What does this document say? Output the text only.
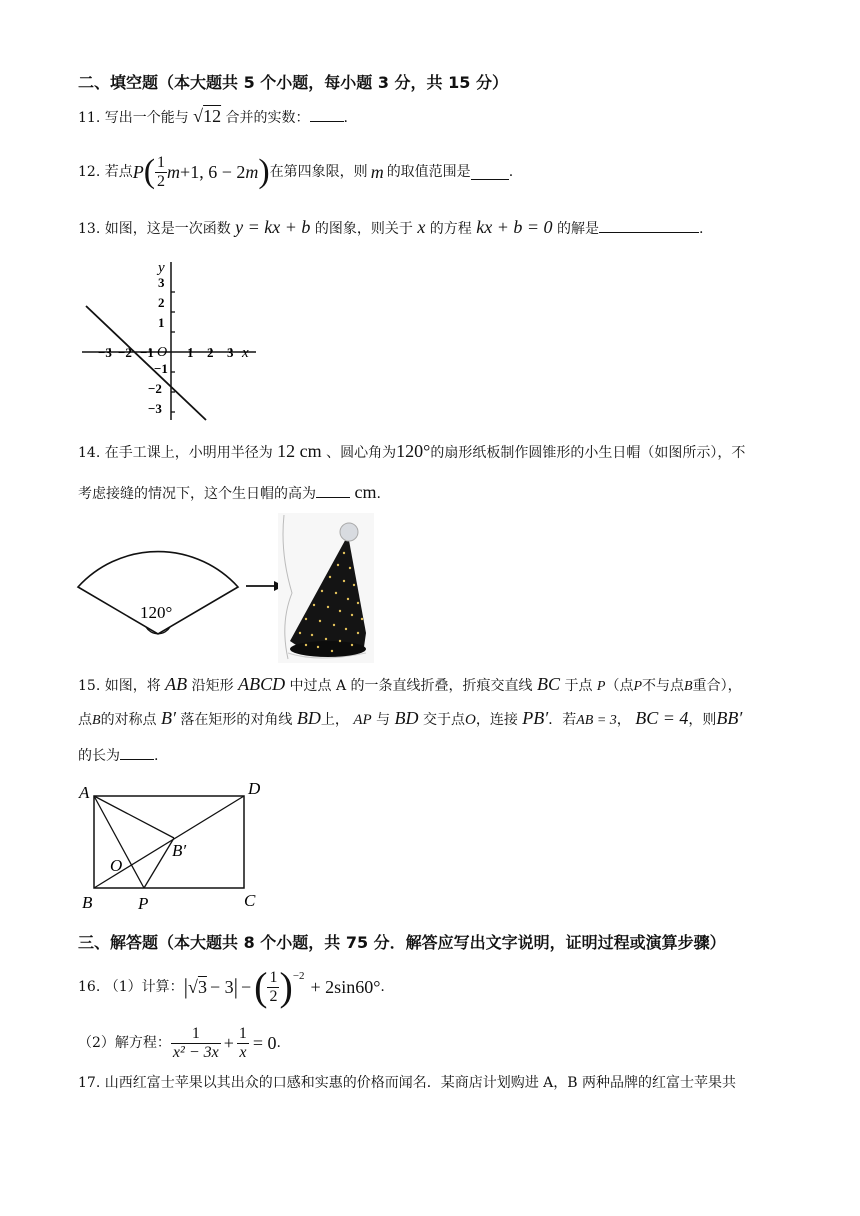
二、填空题（本大题共 5 个小题，每小题 3 分，共 15 分）
11. 写出一个能与 √12 合并的实数： .
12.
若点 P ( $\frac{1}{2}$ m +1, 6 − 2 m ) 在第四象限，则 m 的取值范围是	.
13. 如图，这是一次函数 y = kx + b 的图象，则关于 x 的方程 kx + b = 0 的解是	.
y
x
O
−3 −2 −1	1 2 3
3
2
1
−1
−2
−3
14. 在手工课上，小明用半径为 12 cm 、圆心角为120°的扇形纸板制作圆锥形的小生日帽（如图所示），不
考虑接缝的情况下，这个生日帽的高为 cm.
120°
15. 如图，将 AB 沿矩形 ABCD 中过点 A 的一条直线折叠，折痕交直线 BC 于点 P（点P不与点B重合），
点B的对称点 B′ 落在矩形的对角线 BD上， AP 与 BD 交于点O，连接 PB′．若AB = 3， BC = 4，则BB′
的长为 .
A	D
B	C
O
P
B′
三、解答题（本大题共 8 个小题，共 75 分．解答应写出文字说明，证明过程或演算步骤）
16.
（1）计算： | √3 − 3 | − ( $\frac{1}{2}$ ) −2
+ 2sin60° .
（2）解方程： $\frac{1}{\text{x² − 3x}} + \frac{1}{x} = 0$ .
17. 山西红富士苹果以其出众的口感和实惠的价格而闻名．某商店计划购进 A，B 两种品牌的红富士苹果共
